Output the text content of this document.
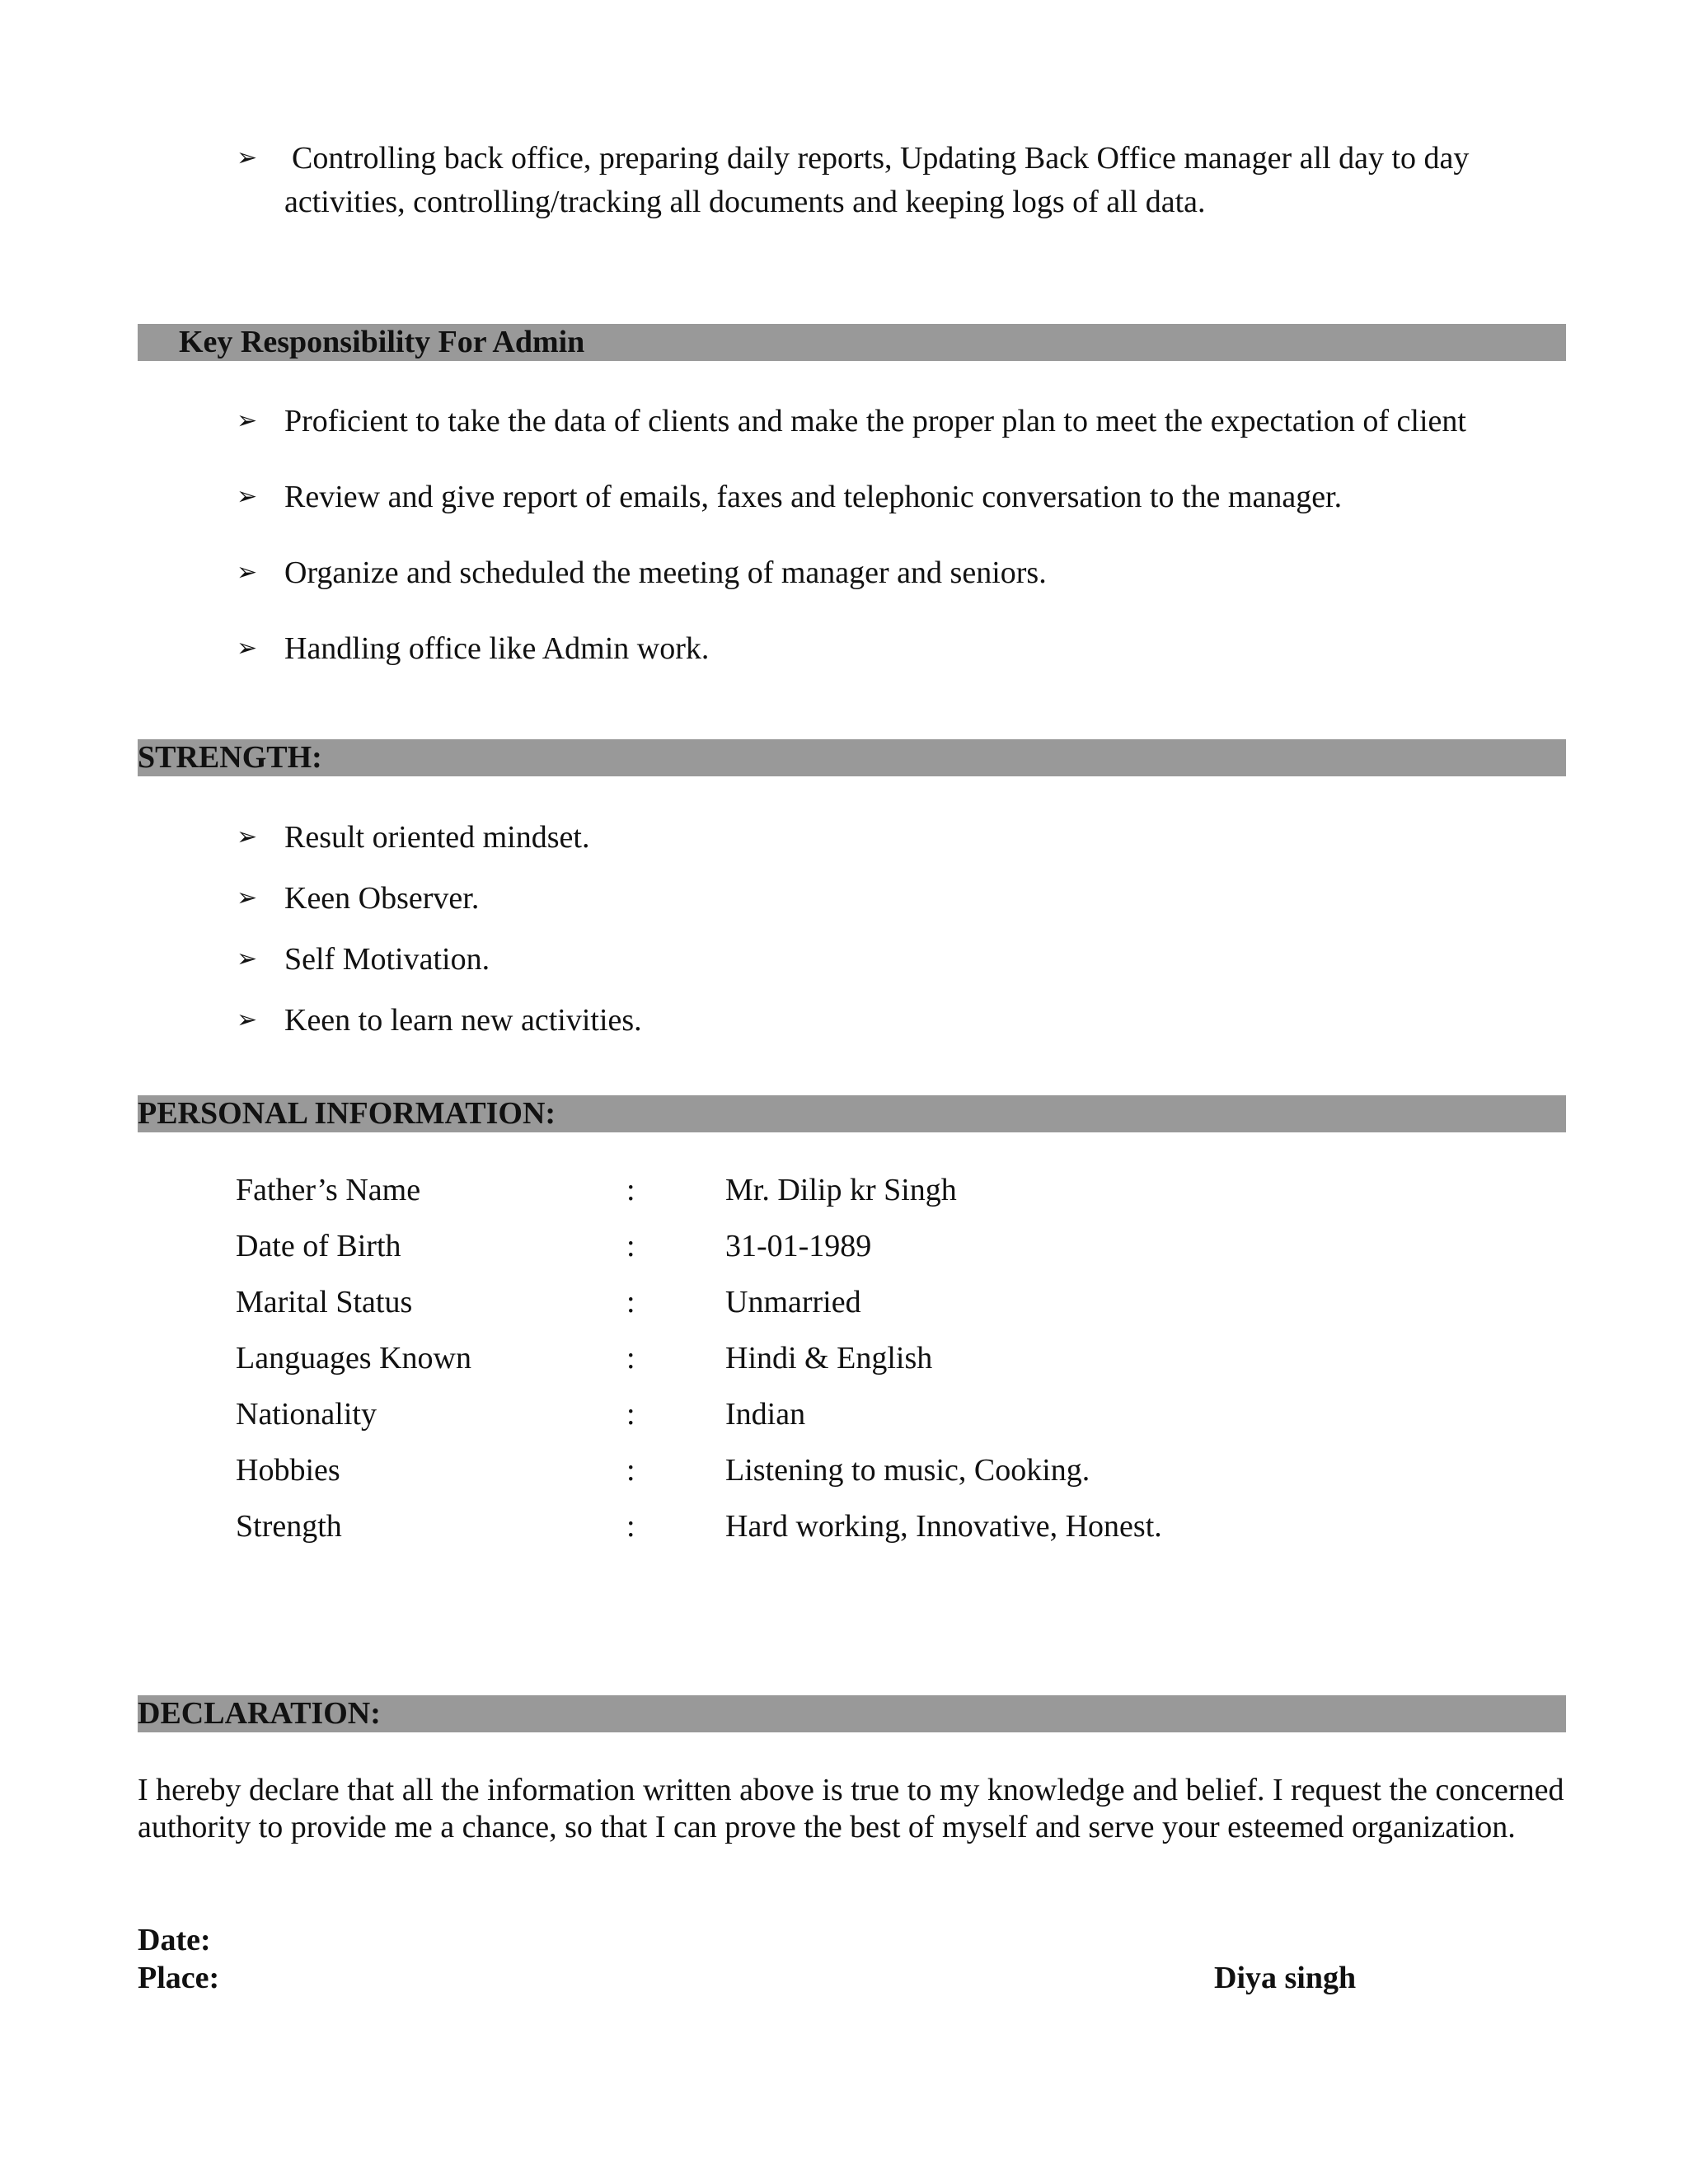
➢ Controlling back office, preparing daily reports, Updating Back Office manager all day to day
activities, controlling/tracking all documents and keeping logs of all data.
Key Responsibility For Admin
➢ Proficient to take the data of clients and make the proper plan to meet the expectation of client
➢ Review and give report of emails, faxes and telephonic conversation to the manager.
➢ Organize and scheduled the meeting of manager and seniors.
➢ Handling office like Admin work.
STRENGTH:
➢ Result oriented mindset.
➢ Keen Observer.
➢ Self Motivation.
➢ Keen to learn new activities.
PERSONAL INFORMATION:
Father’s Name	:	Mr. Dilip kr Singh
Date of Birth	:	31-01-1989
Marital Status	:	Unmarried
Languages Known	:	Hindi & English
Nationality	:	Indian
Hobbies	:	Listening to music, Cooking.
Strength	:	Hard working, Innovative, Honest.
DECLARATION:
I hereby declare that all the information written above is true to my knowledge and belief. I request the concerned authority to provide me a chance, so that I can prove the best of myself and serve your esteemed organization.
Date:
Place:	Diya singh
